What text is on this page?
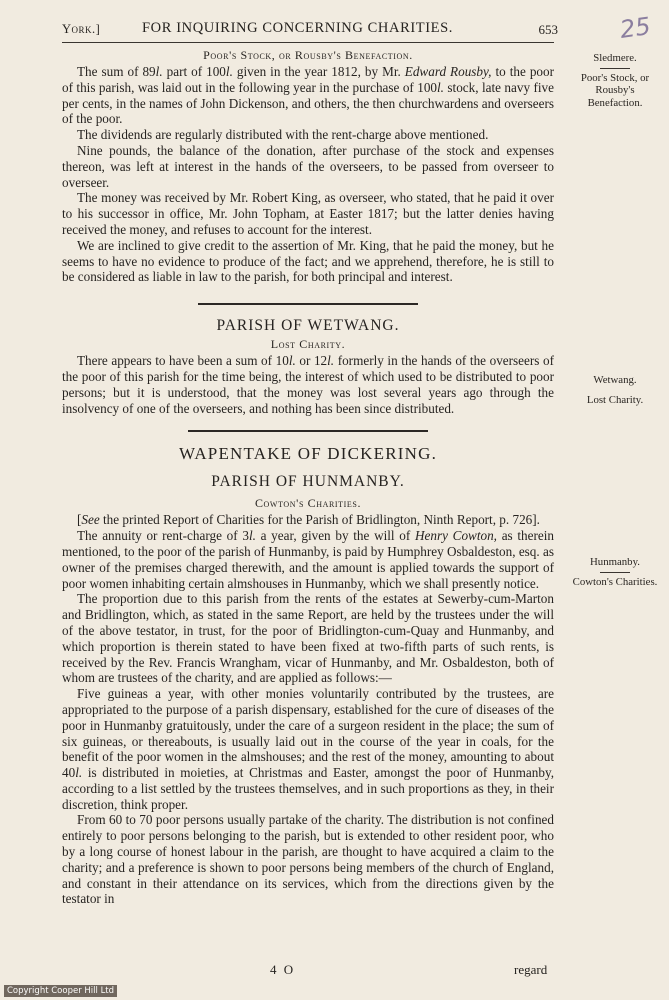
York.]	FOR INQUIRING CONCERNING CHARITIES.	653	25
Poor's Stock, or Rousby's Benefaction.

The sum of 89l. part of 100l. given in the year 1812, by Mr. Edward Rousby, to the poor of this parish, was laid out in the following year in the purchase of 100l. stock, late navy five per cents, in the names of John Dickenson, and others, the then churchwardens and overseers of the poor.

The dividends are regularly distributed with the rent-charge above mentioned.

Nine pounds, the balance of the donation, after purchase of the stock and expenses thereon, was left at interest in the hands of the overseers, to be passed from overseer to overseer.

The money was received by Mr. Robert King, as overseer, who stated, that he paid it over to his successor in office, Mr. John Topham, at Easter 1817; but the latter denies having received the money, and refuses to account for the interest.

We are inclined to give credit to the assertion of Mr. King, that he paid the money, but he seems to have no evidence to produce of the fact; and we apprehend, therefore, he is still to be considered as liable in law to the parish, for both principal and interest.

PARISH OF WETWANG.
Lost Charity.

There appears to have been a sum of 10l. or 12l. formerly in the hands of the overseers of the poor of this parish for the time being, the interest of which used to be distributed to poor persons; but it is understood, that the money was lost several years ago through the insolvency of one of the overseers, and nothing has been since distributed.

WAPENTAKE OF DICKERING.
PARISH OF HUNMANBY.
Cowton's Charities.

[See the printed Report of Charities for the Parish of Bridlington, Ninth Report, p. 726].

The annuity or rent-charge of 3l. a year, given by the will of Henry Cowton, as therein mentioned, to the poor of the parish of Hunmanby, is paid by Humphrey Osbaldeston, esq. as owner of the premises charged therewith, and the amount is applied towards the support of poor women inhabiting certain almshouses in Hunmanby, which we shall presently notice.

The proportion due to this parish from the rents of the estates at Sewerby-cum-Marton and Bridlington, which, as stated in the same Report, are held by the trustees under the will of the above testator, in trust, for the poor of Bridlington-cum-Quay and Hunmanby, and which proportion is therein stated to have been fixed at two-fifth parts of such rents, is received by the Rev. Francis Wrangham, vicar of Hunmanby, and Mr. Osbaldeston, both of whom are trustees of the charity, and are applied as follows:—

Five guineas a year, with other monies voluntarily contributed by the trustees, are appropriated to the purpose of a parish dispensary, established for the cure of diseases of the poor in Hunmanby gratuitously, under the care of a surgeon resident in the place; the sum of six guineas, or thereabouts, is usually laid out in the course of the year in coals, for the benefit of the poor women in the almshouses; and the rest of the money, amounting to about 40l. is distributed in moieties, at Christmas and Easter, amongst the poor of Hunmanby, according to a list settled by the trustees themselves, and in such proportions as they, in their discretion, think proper.

From 60 to 70 poor persons usually partake of the charity. The distribution is not confined entirely to poor persons belonging to the parish, but is extended to other resident poor, who by a long course of honest labour in the parish, are thought to have acquired a claim to the charity; and a preference is shown to poor persons being members of the church of England, and constant in their attendance on its services, which from the directions given by the testator in

Sledmere.
Poor's Stock, or Rousby's Benefaction.
Wetwang.
Lost Charity.
Hunmanby.
Cowton's Charities.
4 O	regard
Copyright Cooper Hill Ltd
